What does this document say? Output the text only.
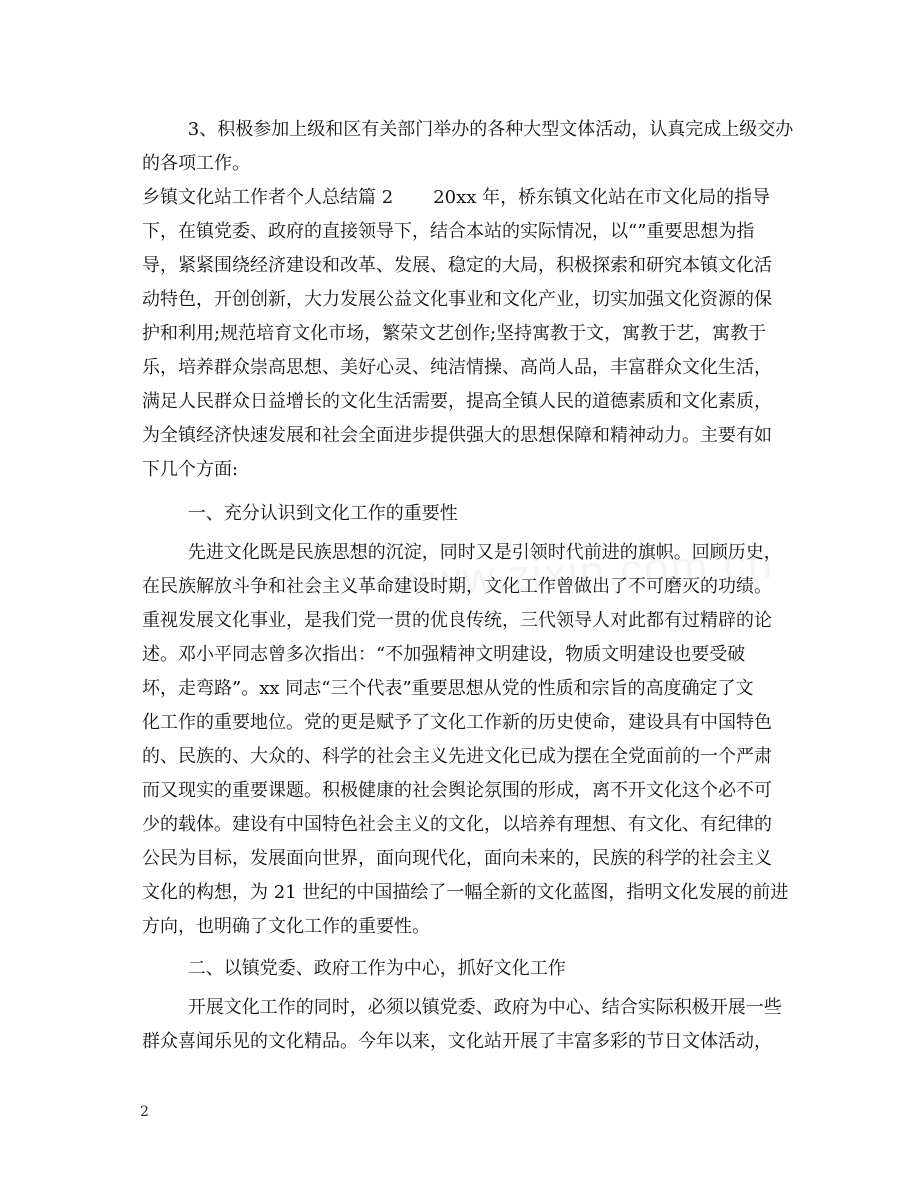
3、积极参加上级和区有关部门举办的各种大型文体活动，认真完成上级交办

的各项工作。

乡镇文化站工作者个人总结篇 2       20xx 年，桥东镇文化站在市文化局的指导

下，在镇党委、政府的直接领导下，结合本站的实际情况，以“”重要思想为指

导，紧紧围绕经济建设和改革、发展、稳定的大局，积极探索和研究本镇文化活

动特色，开创创新，大力发展公益文化事业和文化产业，切实加强文化资源的保

护和利用;规范培育文化市场，繁荣文艺创作;坚持寓教于文，寓教于艺，寓教于

乐，培养群众崇高思想、美好心灵、纯洁情操、高尚人品，丰富群众文化生活，

满足人民群众日益增长的文化生活需要，提高全镇人民的道德素质和文化素质，

为全镇经济快速发展和社会全面进步提供强大的思想保障和精神动力。主要有如

下几个方面:

一、充分认识到文化工作的重要性

先进文化既是民族思想的沉淀，同时又是引领时代前进的旗帜。回顾历史，

在民族解放斗争和社会主义革命建设时期，文化工作曾做出了不可磨灭的功绩。

重视发展文化事业，是我们党一贯的优良传统，三代领导人对此都有过精辟的论

述。邓小平同志曾多次指出：“不加强精神文明建设，物质文明建设也要受破

坏，走弯路”。xx 同志“三个代表”重要思想从党的性质和宗旨的高度确定了文

化工作的重要地位。党的更是赋予了文化工作新的历史使命，建设具有中国特色

的、民族的、大众的、科学的社会主义先进文化已成为摆在全党面前的一个严肃

而又现实的重要课题。积极健康的社会舆论氛围的形成，离不开文化这个必不可

少的载体。建设有中国特色社会主义的文化，以培养有理想、有文化、有纪律的

公民为目标，发展面向世界，面向现代化，面向未来的，民族的科学的社会主义

文化的构想，为 21 世纪的中国描绘了一幅全新的文化蓝图，指明文化发展的前进

方向，也明确了文化工作的重要性。

二、以镇党委、政府工作为中心，抓好文化工作

开展文化工作的同时，必须以镇党委、政府为中心、结合实际积极开展一些

群众喜闻乐见的文化精品。今年以来，文化站开展了丰富多彩的节日文体活动，

2
